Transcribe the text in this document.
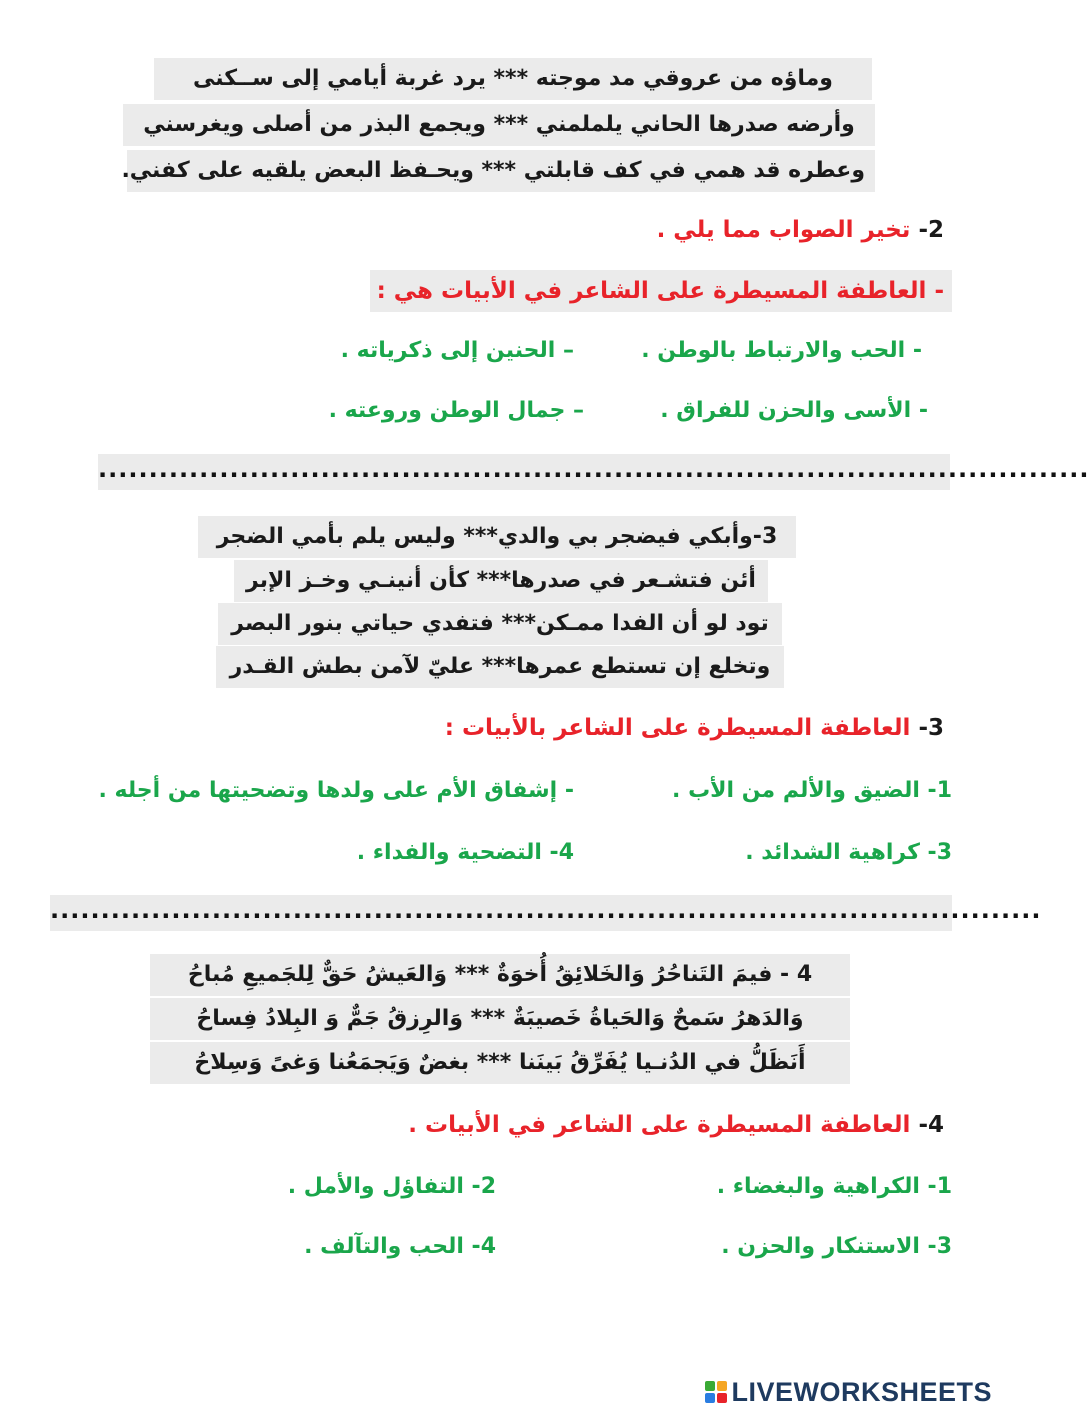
وماؤه من عروقي مد موجته *** يرد غربة أيامي إلى ســكنى
وأرضه صدرها الحاني يلملمني *** ويجمع البذر من أصلى ويغرسني
وعطره قد همي في كف قابلتي *** ويحـفظ البعض يلقيه على كفني.
2- تخير الصواب مما يلي .
- العاطفة المسيطرة على الشاعر في الأبيات هي :
- الحب والارتباط بالوطن .
– الحنين إلى ذكرياته .
- الأسى والحزن للفراق .
– جمال الوطن وروعته .
..................................................................................................
3-وأبكي فيضجر بي والدي*** وليس يلم بأمي الضجر
أئن فتشـعر في صدرها*** كأن أنينـي وخـز الإبر
تود لو أن الفدا ممـكن*** فتفدي حياتي بنور البصر
وتخلع إن تستطع عمرها*** عليّ لآمن بطش القـدر
3- العاطفة المسيطرة على الشاعر بالأبيات :
1- الضيق والألم من الأب .
- إشفاق الأم على ولدها وتضحيتها من أجله .
3- كراهية الشدائد .
4- التضحية والفداء .
..................................................................................................
4 - فيمَ التَناحُرُ وَالخَلائِقُ أُخوَةٌ *** وَالعَيشُ حَقٌّ لِلجَميعِ مُباحُ
وَالدَهرُ سَمحٌ وَالحَياةُ خَصيبَةٌ *** وَالرِزقُ جَمٌّ وَ البِلادُ فِساحُ
أَنَظَلُّ في الدُنـيا يُفَرِّقُ بَينَنا *** بغضٌ وَيَجمَعُنا وَغىً وَسِلاحُ
4- العاطفة المسيطرة على الشاعر في الأبيات .
1- الكراهية والبغضاء .
2- التفاؤل والأمل .
3- الاستنكار والحزن .
4- الحب والتآلف .
LIVEWORKSHEETS
